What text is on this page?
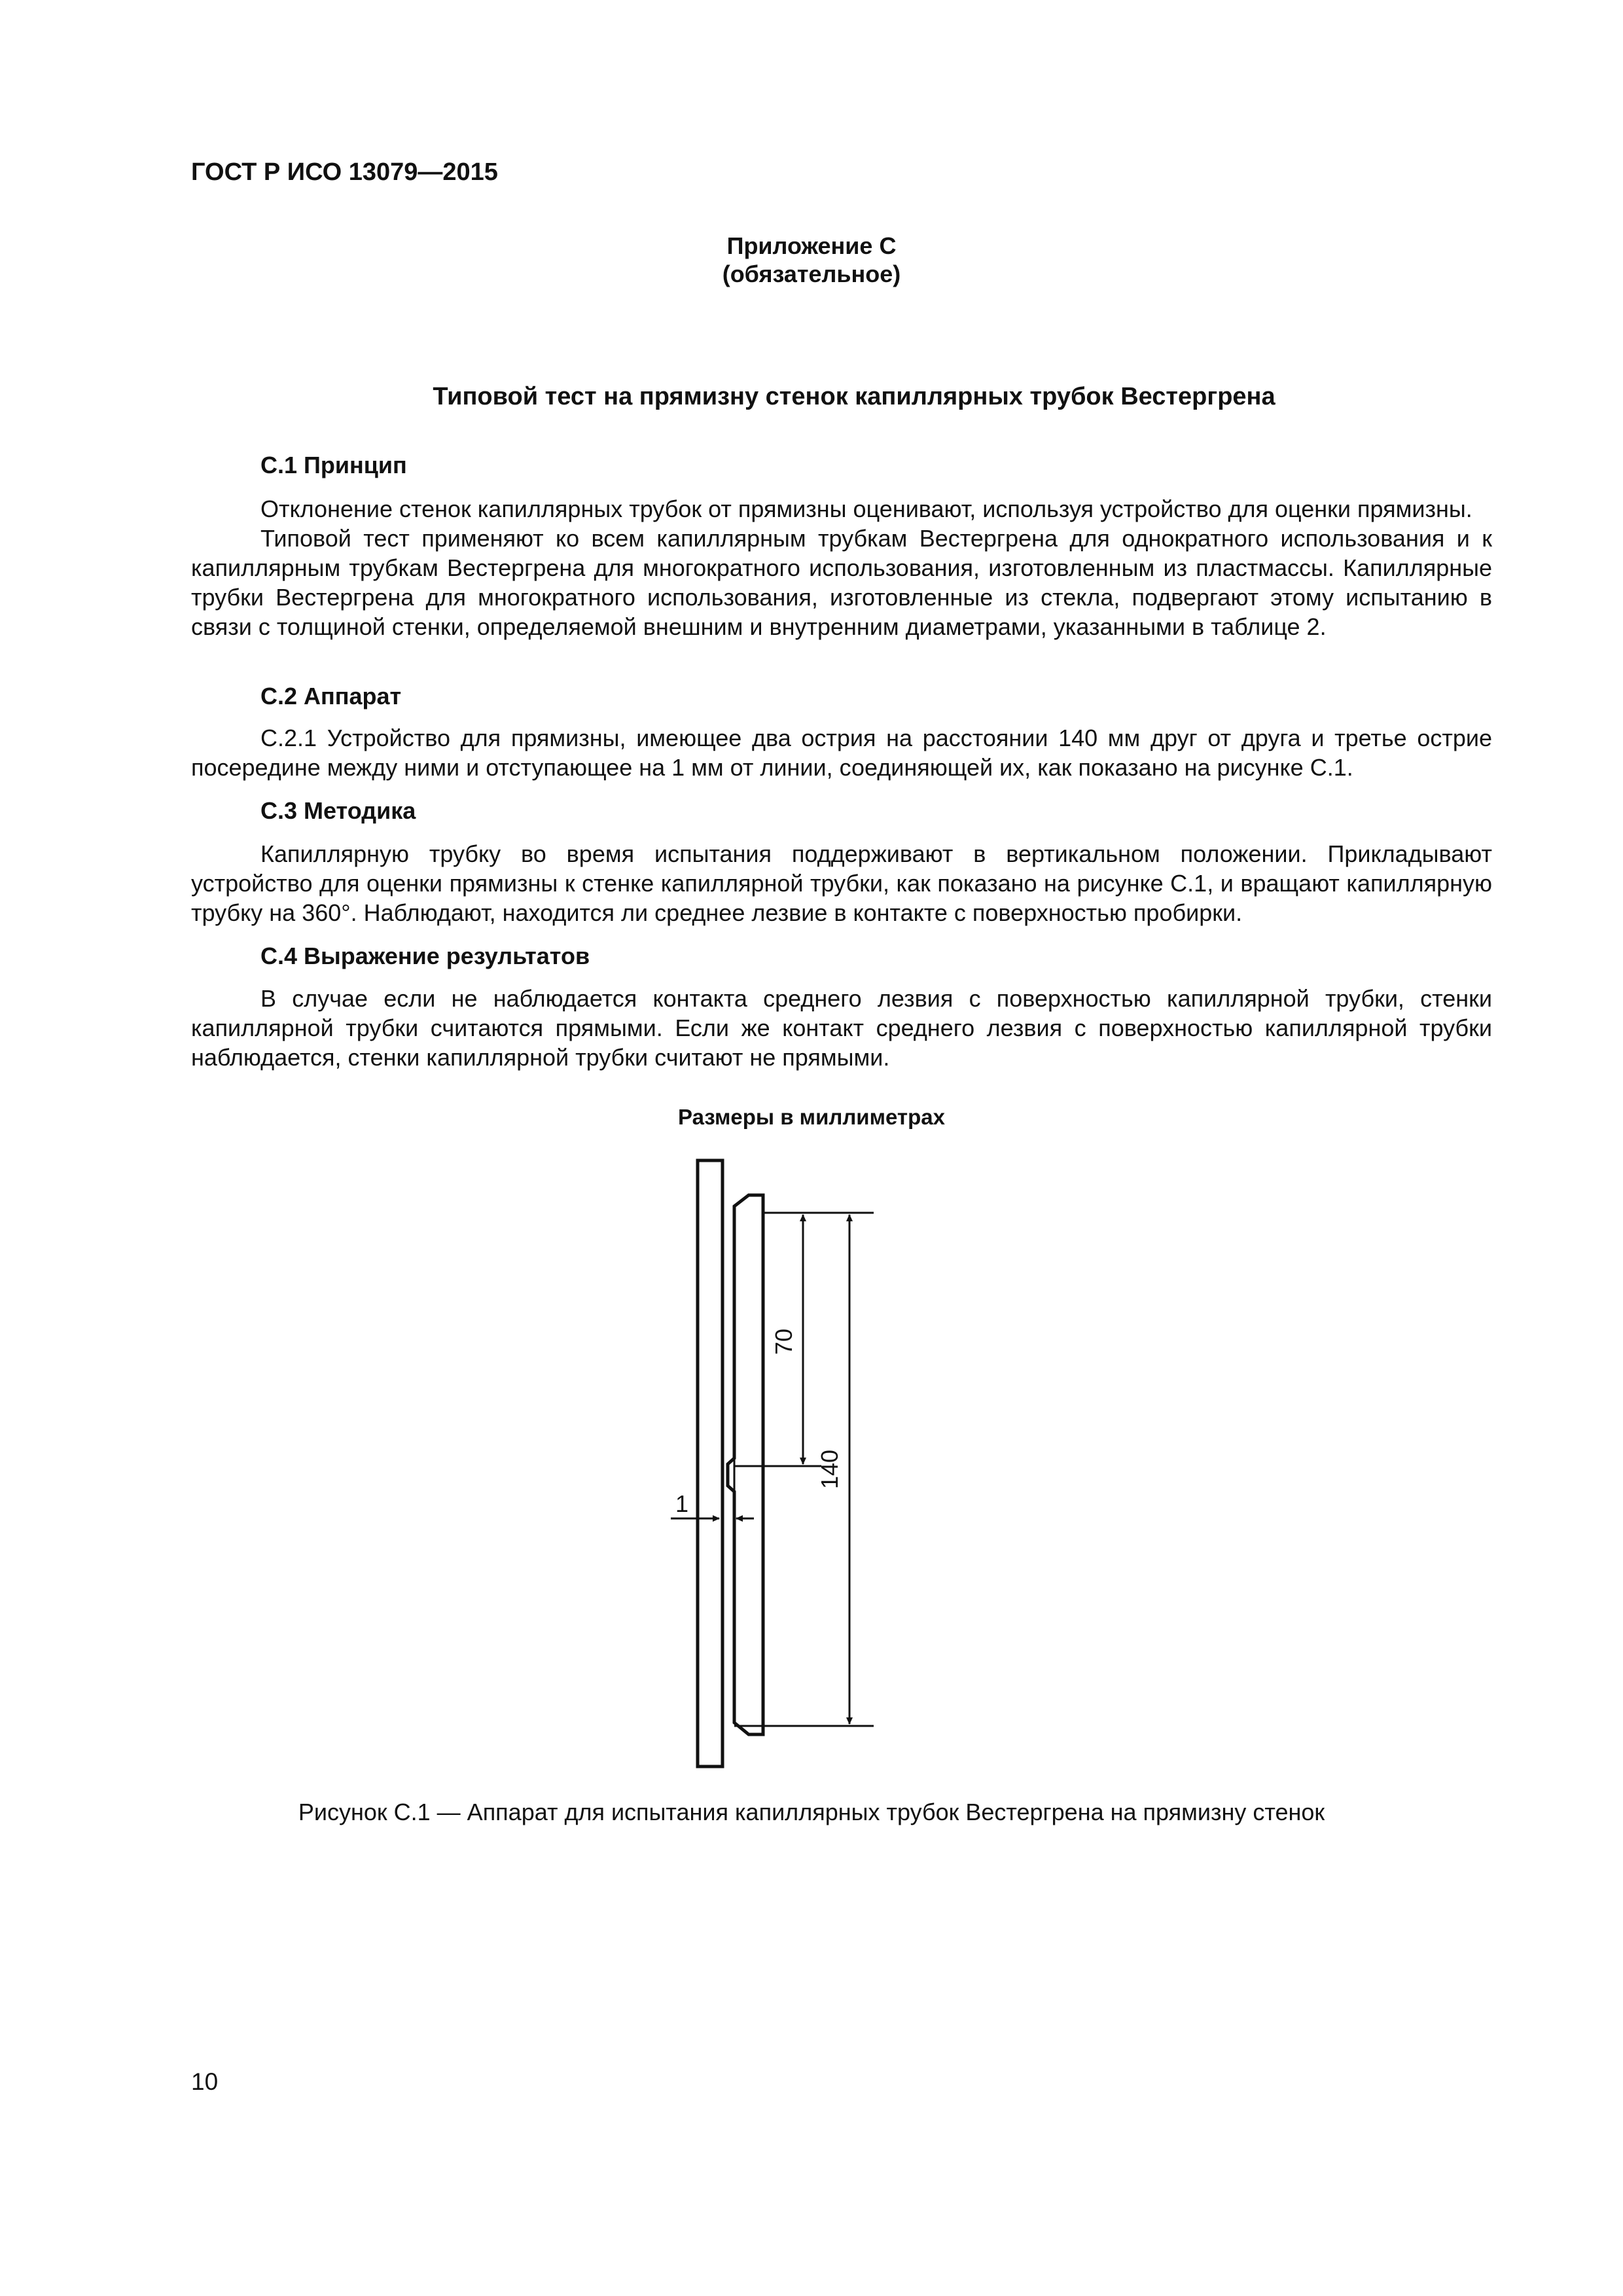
ГОСТ Р ИСО 13079—2015
Приложение С
(обязательное)
Типовой тест на прямизну стенок капиллярных трубок Вестергрена
С.1 Принцип

Отклонение стенок капиллярных трубок от прямизны оценивают, используя устройство для оценки прямизны.

Типовой тест применяют ко всем капиллярным трубкам Вестергрена для однократного использования и к капиллярным трубкам Вестергрена для многократного использования, изготовленным из пластмассы. Капиллярные трубки Вестергрена для многократного использования, изготовленные из стекла, подвергают этому испытанию в связи с толщиной стенки, определяемой внешним и внутренним диаметрами, указанными в таблице 2.

С.2 Аппарат

С.2.1 Устройство для прямизны, имеющее два острия на расстоянии 140 мм друг от друга и третье острие посередине между ними и отступающее на 1 мм от линии, соединяющей их, как показано на рисунке С.1.

С.3 Методика

Капиллярную трубку во время испытания поддерживают в вертикальном положении. Прикладывают устройство для оценки прямизны к стенке капиллярной трубки, как показано на рисунке С.1, и вращают капиллярную трубку на 360°. Наблюдают, находится ли среднее лезвие в контакте с поверхностью пробирки.

С.4 Выражение результатов

В случае если не наблюдается контакта среднего лезвия с поверхностью капиллярной трубки, стенки капиллярной трубки считаются прямыми. Если же контакт среднего лезвия с поверхностью капиллярной трубки наблюдается, стенки капиллярной трубки считают не прямыми.

Размеры в миллиметрах
70
140
1
Рисунок С.1 — Аппарат для испытания капиллярных трубок Вестергрена на прямизну стенок
10
